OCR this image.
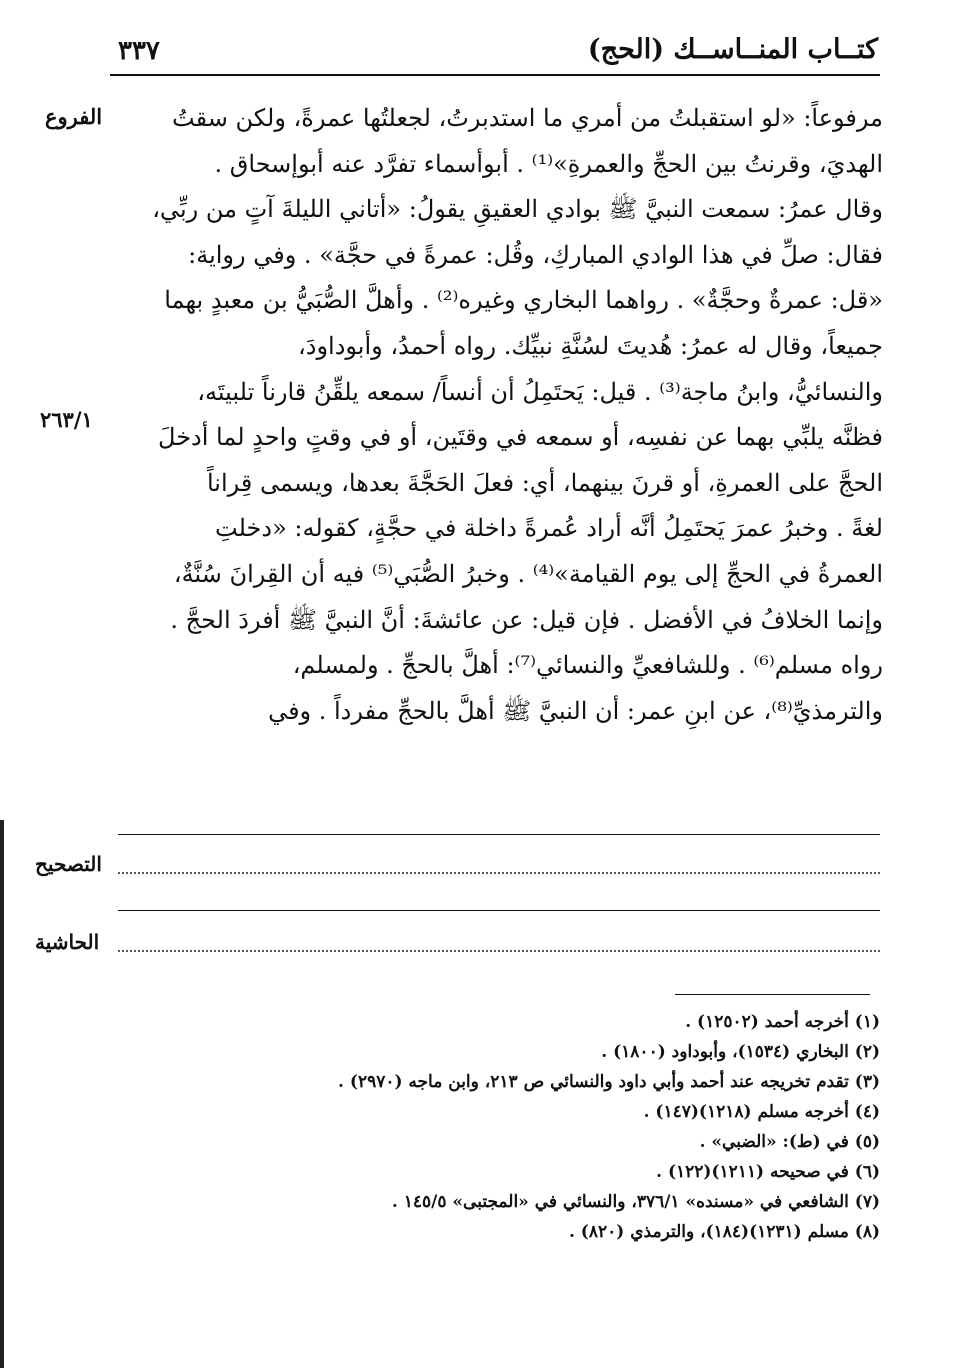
٣٣٧	كتــاب المنــاســك (الحج)
الفروع
٢٦٣/١
مرفوعاً: «لو استقبلتُ من أمري ما استدبرتُ، لجعلتُها عمرةً، ولكن سقتُ
الهديَ، وقرنتُ بين الحجِّ والعمرةِ»⁽¹⁾ . أبوأسماء تفرَّد عنه أبوإسحاق .
وقال عمرُ: سمعت النبيَّ ﷺ بوادي العقيقِ يقولُ: «أتاني الليلةَ آتٍ من ربِّي،
فقال: صلِّ في هذا الوادي المباركِ، وقُل: عمرةً في حجَّة» . وفي رواية:
«قل: عمرةٌ وحجَّةٌ» . رواهما البخاري وغيره⁽²⁾ . وأهلَّ الصُّبَيُّ بن معبدٍ بهما
جميعاً، وقال له عمرُ: هُديتَ لسُنَّةِ نبيِّك. رواه أحمدُ، وأبوداودَ،
والنسائيُّ، وابنُ ماجة⁽³⁾ . قيل: يَحتَمِلُ أن أنساً/ سمعه يلقِّنُ قارناً تلبيتَه،
فظنَّه يلبِّي بهما عن نفسِه، أو سمعه في وقتَين، أو في وقتٍ واحدٍ لما أدخلَ
الحجَّ على العمرةِ، أو قرنَ بينهما، أي: فعلَ الحَجَّةَ بعدها، ويسمى قِراناً
لغةً . وخبرُ عمرَ يَحتَمِلُ أنَّه أراد عُمرةً داخلة في حجَّةٍ، كقوله: «دخلتِ
العمرةُ في الحجِّ إلى يوم القيامة»⁽⁴⁾ . وخبرُ الصُّبَي⁽⁵⁾ فيه أن القِرانَ سُنَّةٌ،
وإنما الخلافُ في الأفضل . فإن قيل: عن عائشةَ: أنَّ النبيَّ ﷺ أفردَ الحجَّ .
رواه مسلم⁽⁶⁾ . وللشافعيِّ والنسائي⁽⁷⁾: أهلَّ بالحجِّ . ولمسلم،
والترمذيِّ⁽⁸⁾، عن ابنِ عمر: أن النبيَّ ﷺ أهلَّ بالحجِّ مفرداً . وفي
التصحيح
الحاشية
(١) أخرجه أحمد (١٢٥٠٢) .
(٢) البخاري (١٥٣٤)، وأبوداود (١٨٠٠) .
(٣) تقدم تخريجه عند أحمد وأبي داود والنسائي ص ٢١٣، وابن ماجه (٢٩٧٠) .
(٤) أخرجه مسلم (١٢١٨)(١٤٧) .
(٥) في (ط): «الضبي» .
(٦) في صحيحه (١٢١١)(١٢٢) .
(٧) الشافعي في «مسنده» ٣٧٦/١، والنسائي في «المجتبى» ١٤٥/٥ .
(٨) مسلم (١٢٣١)(١٨٤)، والترمذي (٨٢٠) .
